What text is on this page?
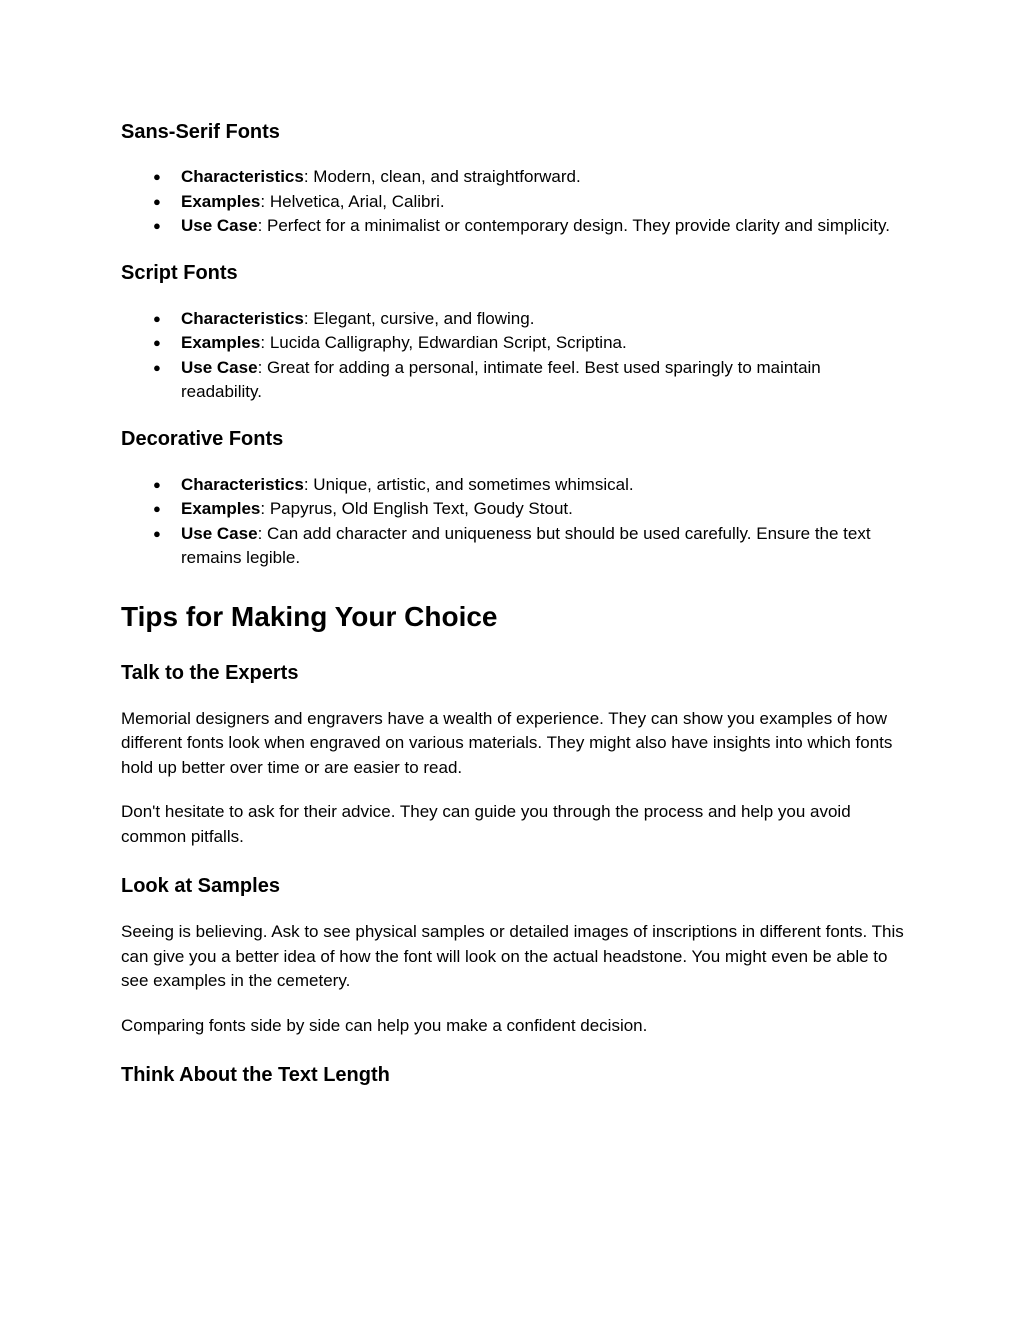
Sans-Serif Fonts
● Characteristics: Modern, clean, and straightforward.
● Examples: Helvetica, Arial, Calibri.
● Use Case: Perfect for a minimalist or contemporary design. They provide clarity and simplicity.
Script Fonts
● Characteristics: Elegant, cursive, and flowing.
● Examples: Lucida Calligraphy, Edwardian Script, Scriptina.
● Use Case: Great for adding a personal, intimate feel. Best used sparingly to maintain readability.
Decorative Fonts
● Characteristics: Unique, artistic, and sometimes whimsical.
● Examples: Papyrus, Old English Text, Goudy Stout.
● Use Case: Can add character and uniqueness but should be used carefully. Ensure the text remains legible.
Tips for Making Your Choice
Talk to the Experts

Memorial designers and engravers have a wealth of experience. They can show you examples of how different fonts look when engraved on various materials. They might also have insights into which fonts hold up better over time or are easier to read.

Don't hesitate to ask for their advice. They can guide you through the process and help you avoid common pitfalls.

Look at Samples

Seeing is believing. Ask to see physical samples or detailed images of inscriptions in different fonts. This can give you a better idea of how the font will look on the actual headstone. You might even be able to see examples in the cemetery.

Comparing fonts side by side can help you make a confident decision.

Think About the Text Length
